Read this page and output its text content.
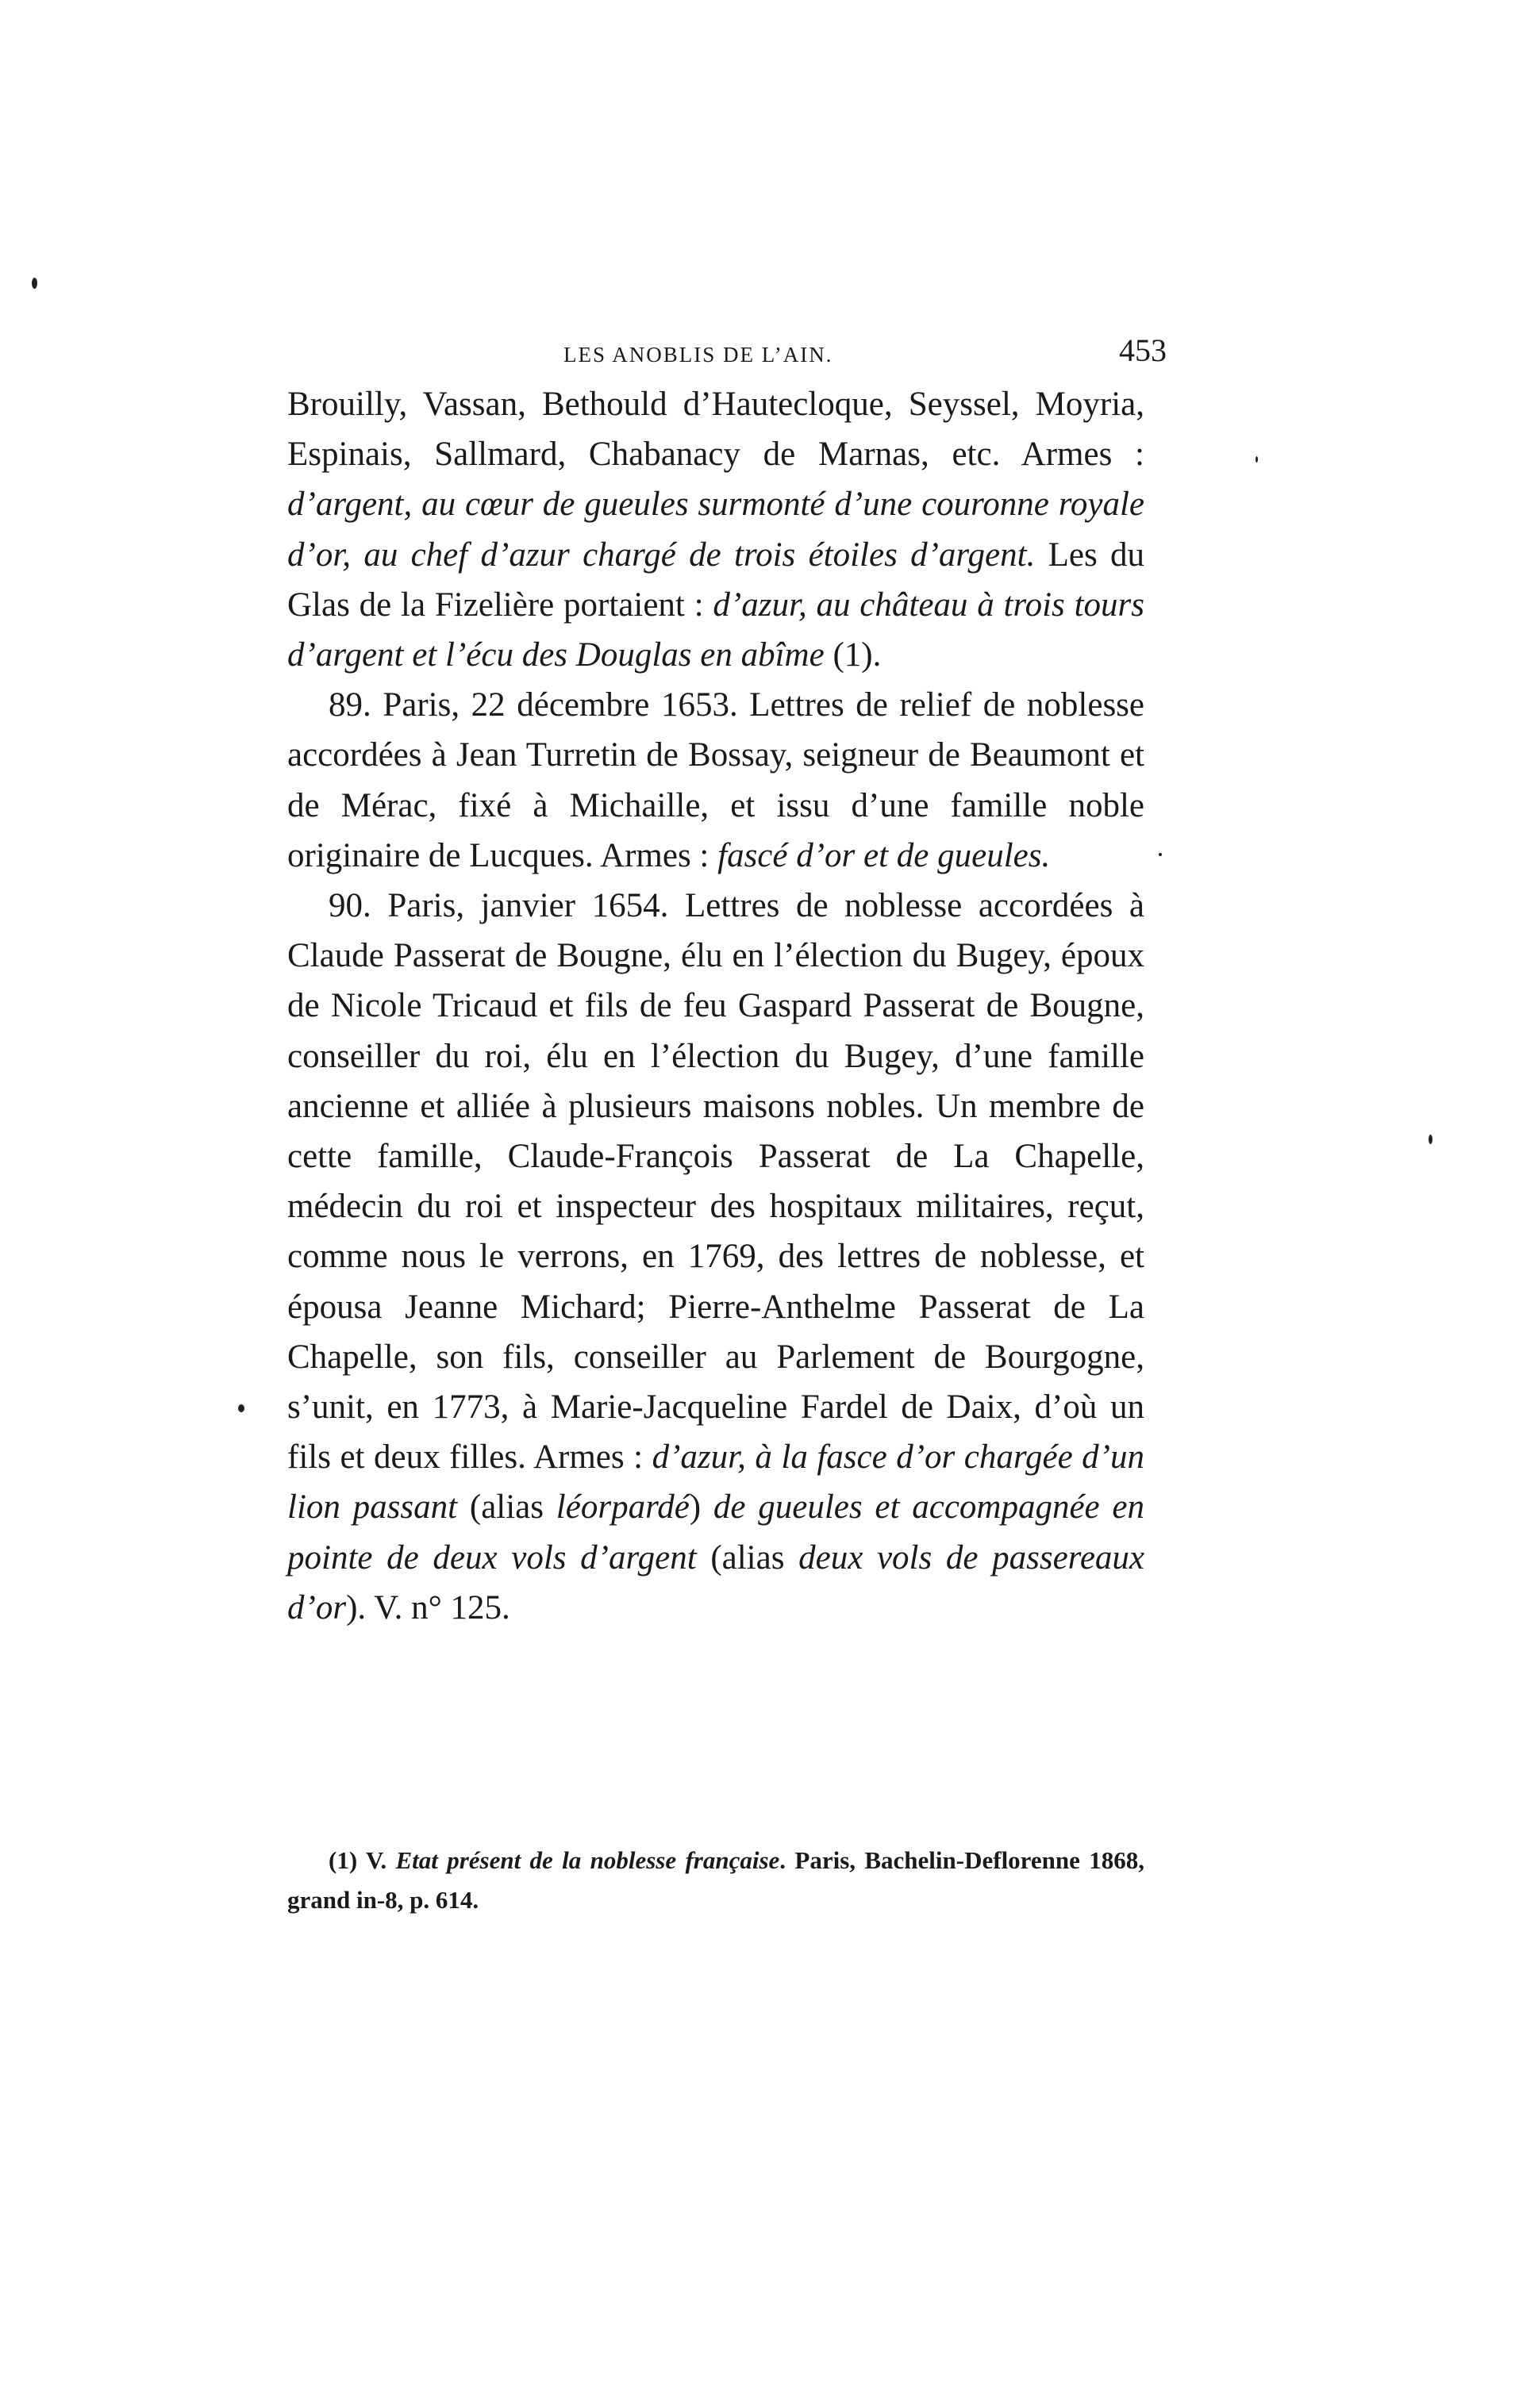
LES ANOBLIS DE L’AIN.	453

Brouilly, Vassan, Bethould d’Hautecloque, Seyssel, Moyria, Espinais, Sallmard, Chabanacy de Marnas, etc. Armes : d’argent, au cœur de gueules surmonté d’une couronne royale d’or, au chef d’azur chargé de trois étoiles d’argent. Les du Glas de la Fizelière portaient : d’azur, au château à trois tours d’argent et l’écu des Douglas en abîme (1).

89. Paris, 22 décembre 1653. Lettres de relief de noblesse accordées à Jean Turretin de Bossay, seigneur de Beaumont et de Mérac, fixé à Michaille, et issu d’une famille noble originaire de Lucques. Armes : fascé d’or et de gueules.

90. Paris, janvier 1654. Lettres de noblesse accordées à Claude Passerat de Bougne, élu en l’élection du Bugey, époux de Nicole Tricaud et fils de feu Gaspard Passerat de Bougne, conseiller du roi, élu en l’élection du Bugey, d’une famille ancienne et alliée à plusieurs maisons nobles. Un membre de cette famille, Claude-François Passerat de La Chapelle, médecin du roi et inspecteur des hospitaux militaires, reçut, comme nous le verrons, en 1769, des lettres de noblesse, et épousa Jeanne Michard; Pierre-Anthelme Passerat de La Chapelle, son fils, conseiller au Parlement de Bourgogne, s’unit, en 1773, à Marie-Jacqueline Fardel de Daix, d’où un fils et deux filles. Armes : d’azur, à la fasce d’or chargée d’un lion passant (alias léorpardé) de gueules et accompagnée en pointe de deux vols d’argent (alias deux vols de passereaux d’or). V. n° 125.

(1) V. Etat présent de la noblesse française. Paris, Bachelin-Deflorenne 1868, grand in-8, p. 614.
